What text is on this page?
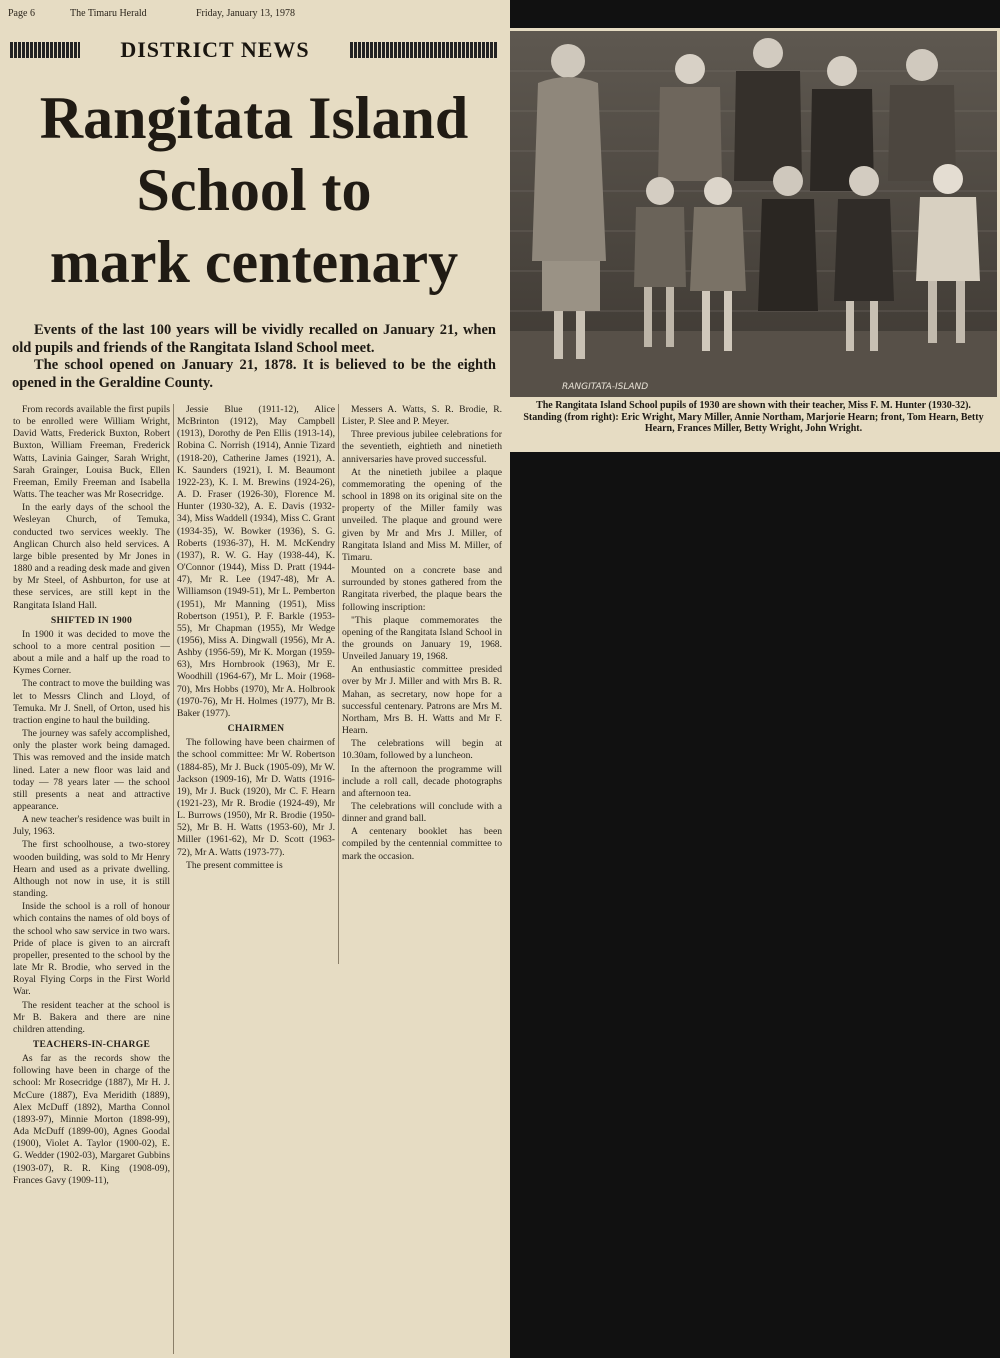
Page 6	The Timaru Herald	Friday, January 13, 1978
DISTRICT NEWS
Rangitata Island
School to
mark centenary

Events of the last 100 years will be vividly recalled on January 21, when old pupils and friends of the Rangitata Island School meet.

The school opened on January 21, 1878. It is believed to be the eighth opened in the Geraldine County.

From records available the first pupils to be enrolled were William Wright, David Watts, Frederick Buxton, Robert Buxton, William Freeman, Frederick Watts, Lavinia Gainger, Sarah Wright, Sarah Grainger, Louisa Buck, Ellen Freeman, Emily Freeman and Isabella Watts. The teacher was Mr Rosecridge.

In the early days of the school the Wesleyan Church, of Temuka, conducted two services weekly. The Anglican Church also held services. A large bible presented by Mr Jones in 1880 and a reading desk made and given by Mr Steel, of Ashburton, for use at these services, are still kept in the Rangitata Island Hall.

SHIFTED IN 1900

In 1900 it was decided to move the school to a more central position — about a mile and a half up the road to Kymes Corner.

The contract to move the building was let to Messrs Clinch and Lloyd, of Temuka. Mr J. Snell, of Orton, used his traction engine to haul the building.

The journey was safely accomplished, only the plaster work being damaged. This was removed and the inside match lined. Later a new floor was laid and today — 78 years later — the school still presents a neat and attractive appearance.

A new teacher's residence was built in July, 1963.

The first schoolhouse, a two-storey wooden building, was sold to Mr Henry Hearn and used as a private dwelling. Although not now in use, it is still standing.

Inside the school is a roll of honour which contains the names of old boys of the school who saw service in two wars. Pride of place is given to an aircraft propeller, presented to the school by the late Mr R. Brodie, who served in the Royal Flying Corps in the First World War.

The resident teacher at the school is Mr B. Bakera and there are nine children attending.

TEACHERS-IN-CHARGE

As far as the records show the following have been in charge of the school: Mr Rosecridge (1887), Mr H. J. McCure (1887), Eva Meridith (1889), Alex McDuff (1892), Martha Connol (1893-97), Minnie Morton (1898-99), Ada McDuff (1899-00), Agnes Goodal (1900), Violet A. Taylor (1900-02), E. G. Wedder (1902-03), Margaret Gubbins (1903-07), R. R. King (1908-09), Frances Gavy (1909-11),

Jessie Blue (1911-12), Alice McBrinton (1912), May Campbell (1913), Dorothy de Pen Ellis (1913-14), Robina C. Norrish (1914), Annie Tizard (1918-20), Catherine James (1921), A. K. Saunders (1921), I. M. Beaumont 1922-23), K. I. M. Brewins (1924-26), A. D. Fraser (1926-30), Florence M. Hunter (1930-32), A. E. Davis (1932-34), Miss Waddell (1934), Miss C. Grant (1934-35), W. Bowker (1936), S. G. Roberts (1936-37), H. M. McKendry (1937), R. W. G. Hay (1938-44), K. O'Connor (1944), Miss D. Pratt (1944-47), Mr R. Lee (1947-48), Mr A. Williamson (1949-51), Mr L. Pemberton (1951), Mr Manning (1951), Miss Robertson (1951), P. F. Barkle (1953-55), Mr Chapman (1955), Mr Wedge (1956), Miss A. Dingwall (1956), Mr A. Ashby (1956-59), Mr K. Morgan (1959-63), Mrs Hornbrook (1963), Mr E. Woodhill (1964-67), Mr L. Moir (1968-70), Mrs Hobbs (1970), Mr A. Holbrook (1970-76), Mr H. Holmes (1977), Mr B. Baker (1977).

CHAIRMEN

The following have been chairmen of the school committee: Mr W. Robertson (1884-85), Mr J. Buck (1905-09), Mr W. Jackson (1909-16), Mr D. Watts (1916-19), Mr J. Buck (1920), Mr C. F. Hearn (1921-23), Mr R. Brodie (1924-49), Mr L. Burrows (1950), Mr R. Brodie (1950-52), Mr B. H. Watts (1953-60), Mr J. Miller (1961-62), Mr D. Scott (1963-72), Mr A. Watts (1973-77).

The present committee is

Messers A. Watts, S. R. Brodie, R. Lister, P. Slee and P. Meyer.

Three previous jubilee celebrations for the seventieth, eightieth and ninetieth anniversaries have proved successful.

At the ninetieth jubilee a plaque commemorating the opening of the school in 1898 on its original site on the property of the Miller family was unveiled. The plaque and ground were given by Mr and Mrs J. Miller, of Rangitata Island and Miss M. Miller, of Timaru.

Mounted on a concrete base and surrounded by stones gathered from the Rangitata riverbed, the plaque bears the following inscription:

"This plaque commemorates the opening of the Rangitata Island School in the grounds on January 19, 1968. Unveiled January 19, 1968.

An enthusiastic committee presided over by Mr J. Miller and with Mrs B. R. Mahan, as secretary, now hope for a successful centenary. Patrons are Mrs M. Northam, Mrs B. H. Watts and Mr F. Hearn.

The celebrations will begin at 10.30am, followed by a luncheon.

In the afternoon the programme will include a roll call, decade photographs and afternoon tea.

The celebrations will conclude with a dinner and grand ball.

A centenary booklet has been compiled by the centennial committee to mark the occasion.

RANGITATA-ISLAND
The Rangitata Island School pupils of 1930 are shown with their teacher, Miss F. M. Hunter (1930-32). Standing (from right): Eric Wright, Mary Miller, Annie Northam, Marjorie Hearn; front, Tom Hearn, Betty Hearn, Frances Miller, Betty Wright, John Wright.
